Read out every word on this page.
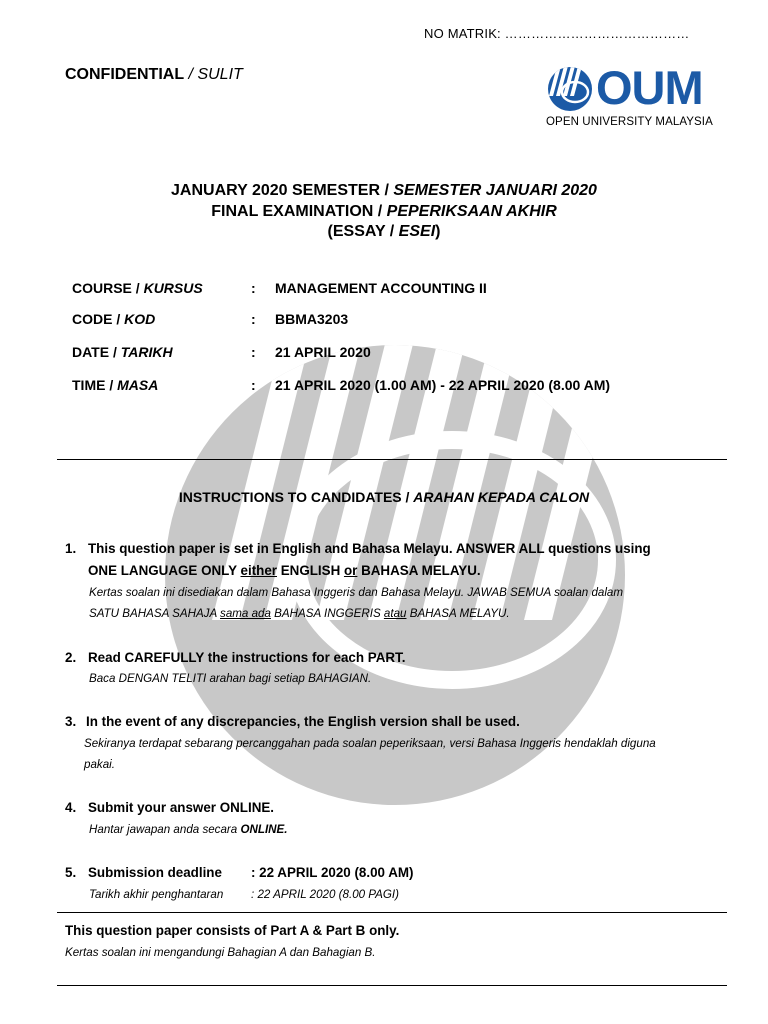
NO MATRIK: ……………………………………
CONFIDENTIAL / SULIT	OUM
OPEN UNIVERSITY MALAYSIA
JANUARY 2020 SEMESTER / SEMESTER JANUARI 2020
FINAL EXAMINATION / PEPERIKSAAN AKHIR
(ESSAY / ESEI)
COURSE / KURSUS	: MANAGEMENT ACCOUNTING II
CODE / KOD	: BBMA3203
DATE / TARIKH	: 21 APRIL 2020
TIME / MASA	: 21 APRIL 2020 (1.00 AM) - 22 APRIL 2020 (8.00 AM)
INSTRUCTIONS TO CANDIDATES / ARAHAN KEPADA CALON
1. This question paper is set in English and Bahasa Melayu. ANSWER ALL questions using
ONE LANGUAGE ONLY either ENGLISH or BAHASA MELAYU.
Kertas soalan ini disediakan dalam Bahasa Inggeris dan Bahasa Melayu. JAWAB SEMUA soalan dalam
SATU BAHASA SAHAJA sama ada BAHASA INGGERIS atau BAHASA MELAYU.
2. Read CAREFULLY the instructions for each PART.
Baca DENGAN TELITI arahan bagi setiap BAHAGIAN.
3. In the event of any discrepancies, the English version shall be used.
Sekiranya terdapat sebarang percanggahan pada soalan peperiksaan, versi Bahasa Inggeris hendaklah diguna
pakai.
4. Submit your answer ONLINE.
Hantar jawapan anda secara ONLINE.
5. Submission deadline : 22 APRIL 2020 (8.00 AM)
Tarikh akhir penghantaran : 22 APRIL 2020 (8.00 PAGI)
This question paper consists of Part A & Part B only.
Kertas soalan ini mengandungi Bahagian A dan Bahagian B.
